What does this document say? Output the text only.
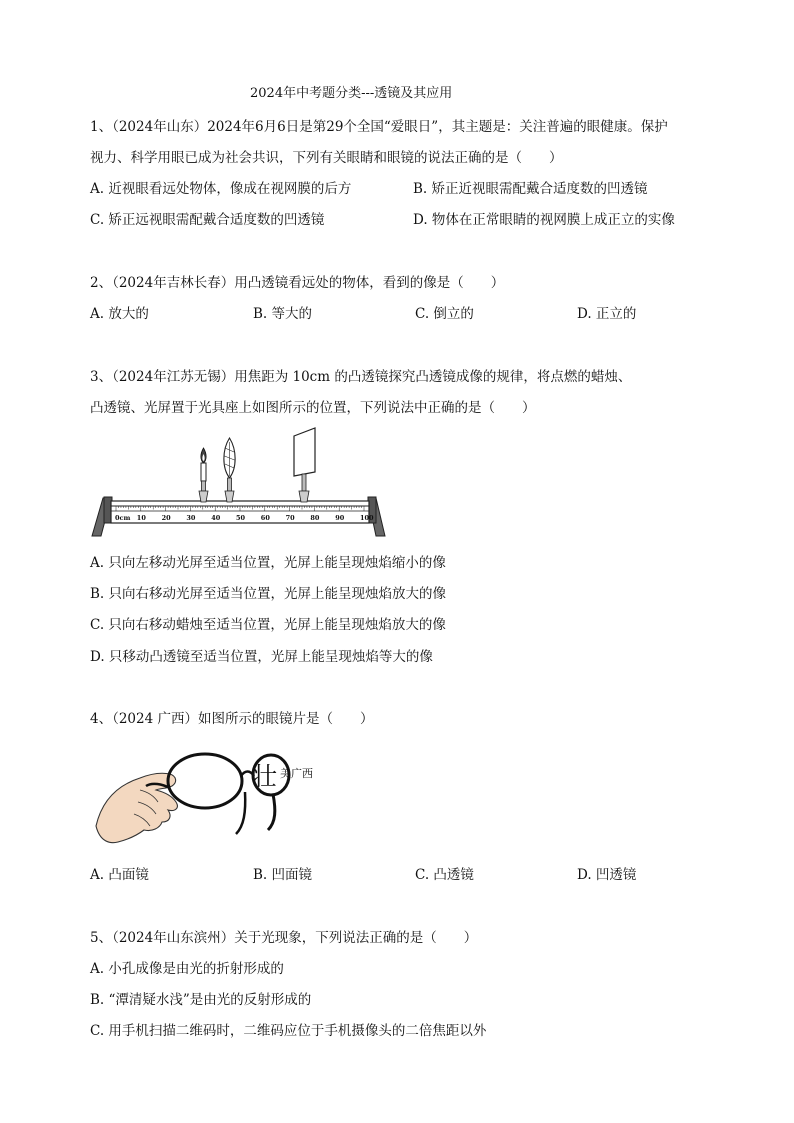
2024年中考题分类---透镜及其应用
1、（2024年山东）2024年6月6日是第29个全国“爱眼日”，其主题是：关注普遍的眼健康。保护
视力、科学用眼已成为社会共识，下列有关眼睛和眼镜的说法正确的是（　　）
A. 近视眼看远处物体，像成在视网膜的后方	B. 矫正近视眼需配戴合适度数的凹透镜
C. 矫正远视眼需配戴合适度数的凹透镜	D. 物体在正常眼睛的视网膜上成正立的实像
2、（2024年吉林长春）用凸透镜看远处的物体，看到的像是（　　）
A. 放大的	B. 等大的	C. 倒立的	D. 正立的
3、（2024年江苏无锡）用焦距为 10cm 的凸透镜探究凸透镜成像的规律，将点燃的蜡烛、
凸透镜、光屏置于光具座上如图所示的位置，下列说法中正确的是（　　）
0cm 10 20 30 40 50 60 70 80 90 100
A. 只向左移动光屏至适当位置，光屏上能呈现烛焰缩小的像
B. 只向右移动光屏至适当位置，光屏上能呈现烛焰放大的像
C. 只向右移动蜡烛至适当位置，光屏上能呈现烛焰放大的像
D. 只移动凸透镜至适当位置，光屏上能呈现烛焰等大的像
4、（2024 广西）如图所示的眼镜片是（　　）
壮 美广西
A. 凸面镜	B. 凹面镜	C. 凸透镜	D. 凹透镜
5、（2024年山东滨州）关于光现象，下列说法正确的是（　　）
A. 小孔成像是由光的折射形成的
B. “潭清疑水浅”是由光的反射形成的
C. 用手机扫描二维码时，二维码应位于手机摄像头的二倍焦距以外
